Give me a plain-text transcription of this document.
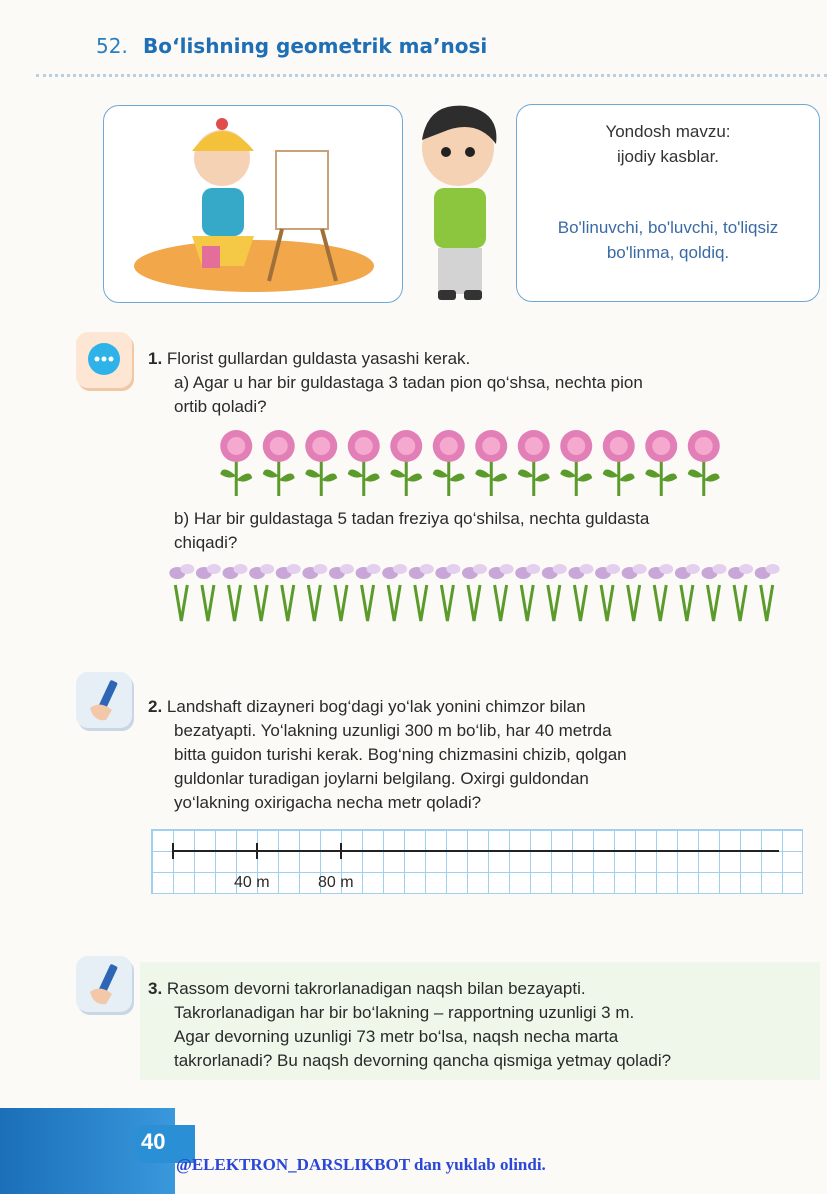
52. Bo‘lishning geometrik ma’nosi
Yondosh mavzu:
ijodiy kasblar.
Bo'linuvchi, bo'luvchi, to'liqsiz
bo'linma, qoldiq.
1. Florist gullardan guldasta yasashi kerak.
a) Agar u har bir guldastaga 3 tadan pion qo‘shsa, nechta pion
ortib qoladi?
b) Har bir guldastaga 5 tadan freziya qo‘shilsa, nechta guldasta
chiqadi?
2. Landshaft dizayneri bog‘dagi yo‘lak yonini chimzor bilan
bezatyapti. Yo‘lakning uzunligi 300 m bo‘lib, har 40 metrda
bitta guidon turishi kerak. Bog‘ning chizmasini chizib, qolgan
guldonlar turadigan joylarni belgilang. Oxirgi guldondan
yo‘lakning oxirigacha necha metr qoladi?
40 m	80 m
3. Rassom devorni takrorlanadigan naqsh bilan bezayapti.
Takrorlanadigan har bir bo‘lakning – rapportning uzunligi 3 m.
Agar devorning uzunligi 73 metr bo‘lsa, naqsh necha marta
takrorlanadi? Bu naqsh devorning qancha qismiga yetmay qoladi?
40
@ELEKTRON_DARSLIKBOT dan yuklab olindi.
